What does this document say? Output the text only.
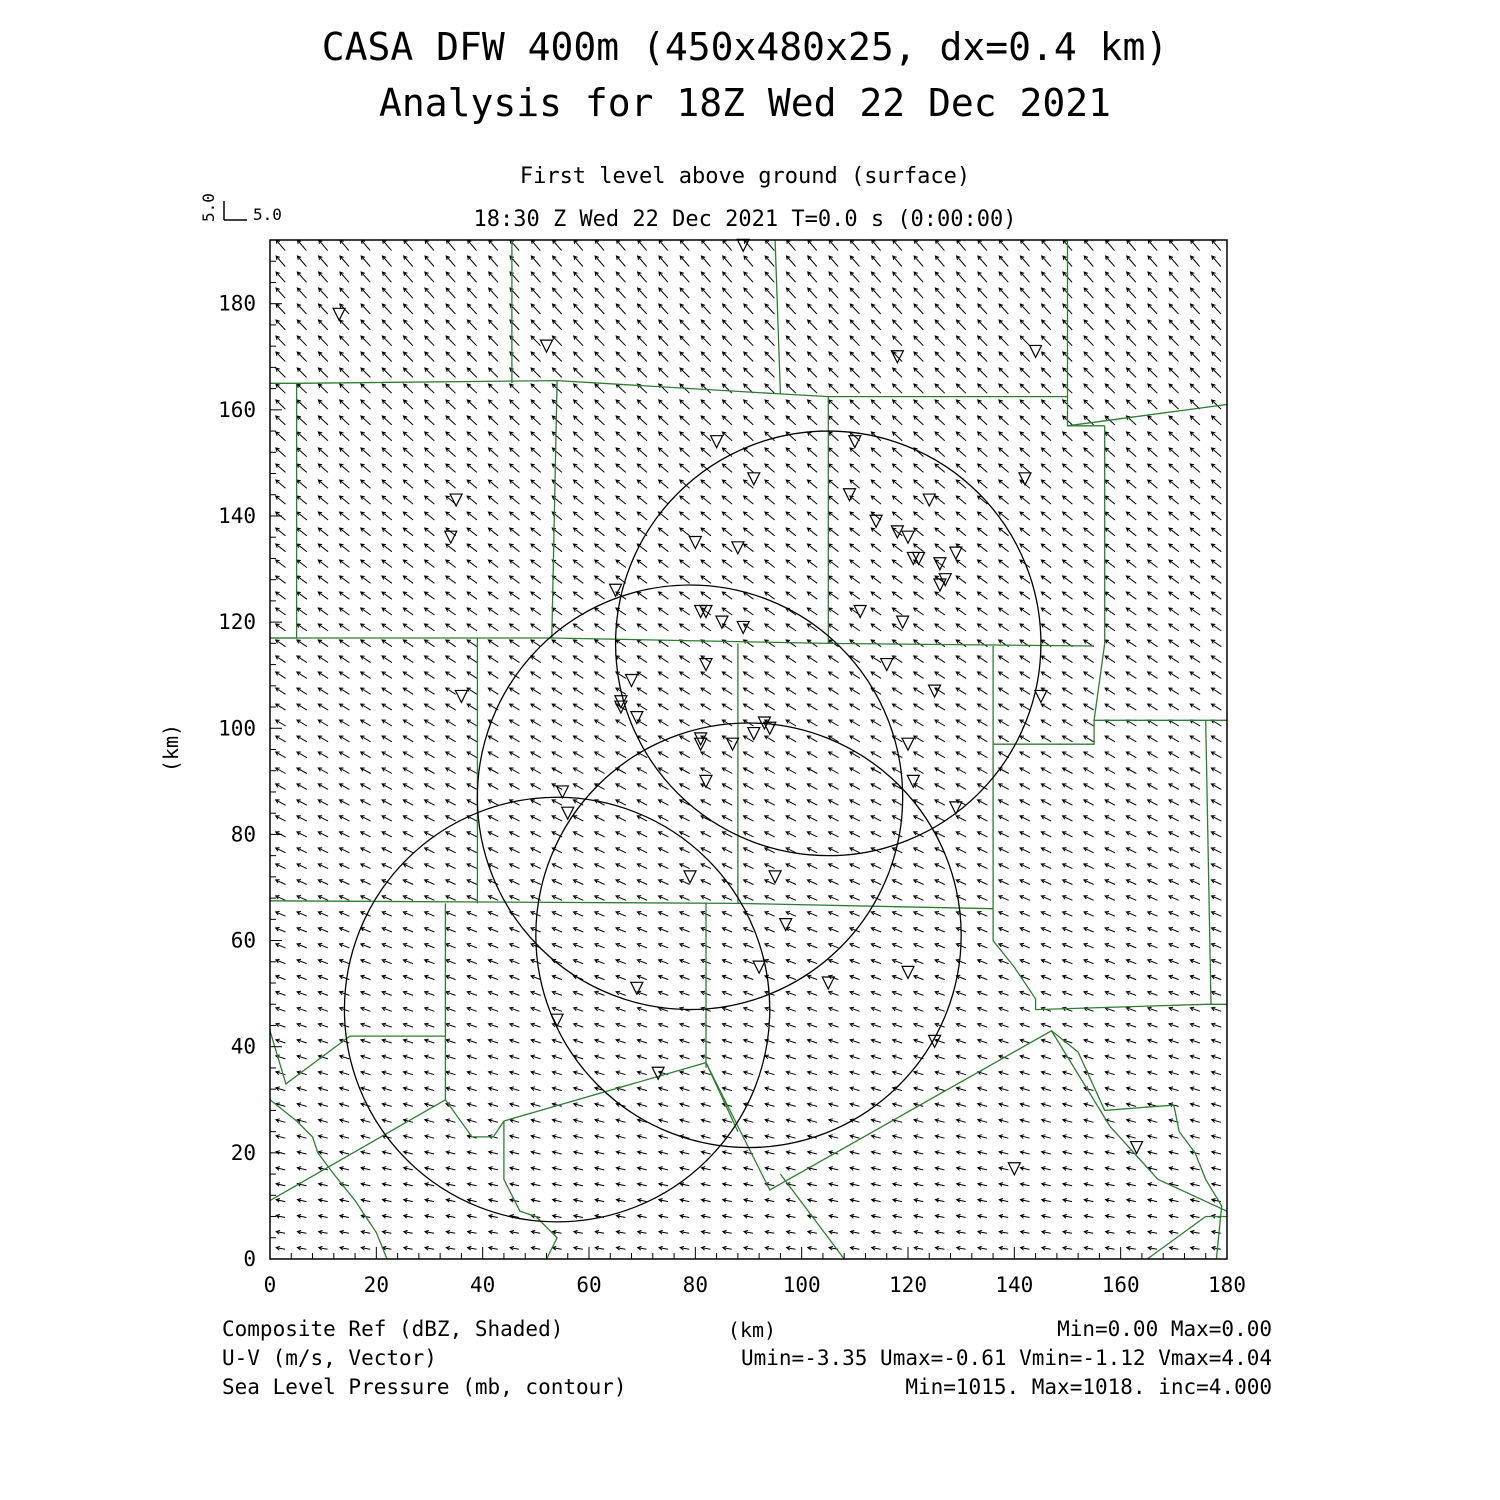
CASA DFW 400m (450x480x25, dx=0.4 km)
Analysis for 18Z Wed 22 Dec 2021
First level above ground (surface)
18:30 Z Wed 22 Dec 2021 T=0.0 s (0:00:00)
5.0 5.0
0	20	40	60	80	100	120	140	160	180
0
20
40
60
80
100
120
140
160
180
(km)
(km)
Composite Ref (dBZ, Shaded)
U-V (m/s, Vector)
Sea Level Pressure (mb, contour)
Min=0.00 Max=0.00
Umin=-3.35 Umax=-0.61 Vmin=-1.12 Vmax=4.04
Min=1015. Max=1018. inc=4.000
